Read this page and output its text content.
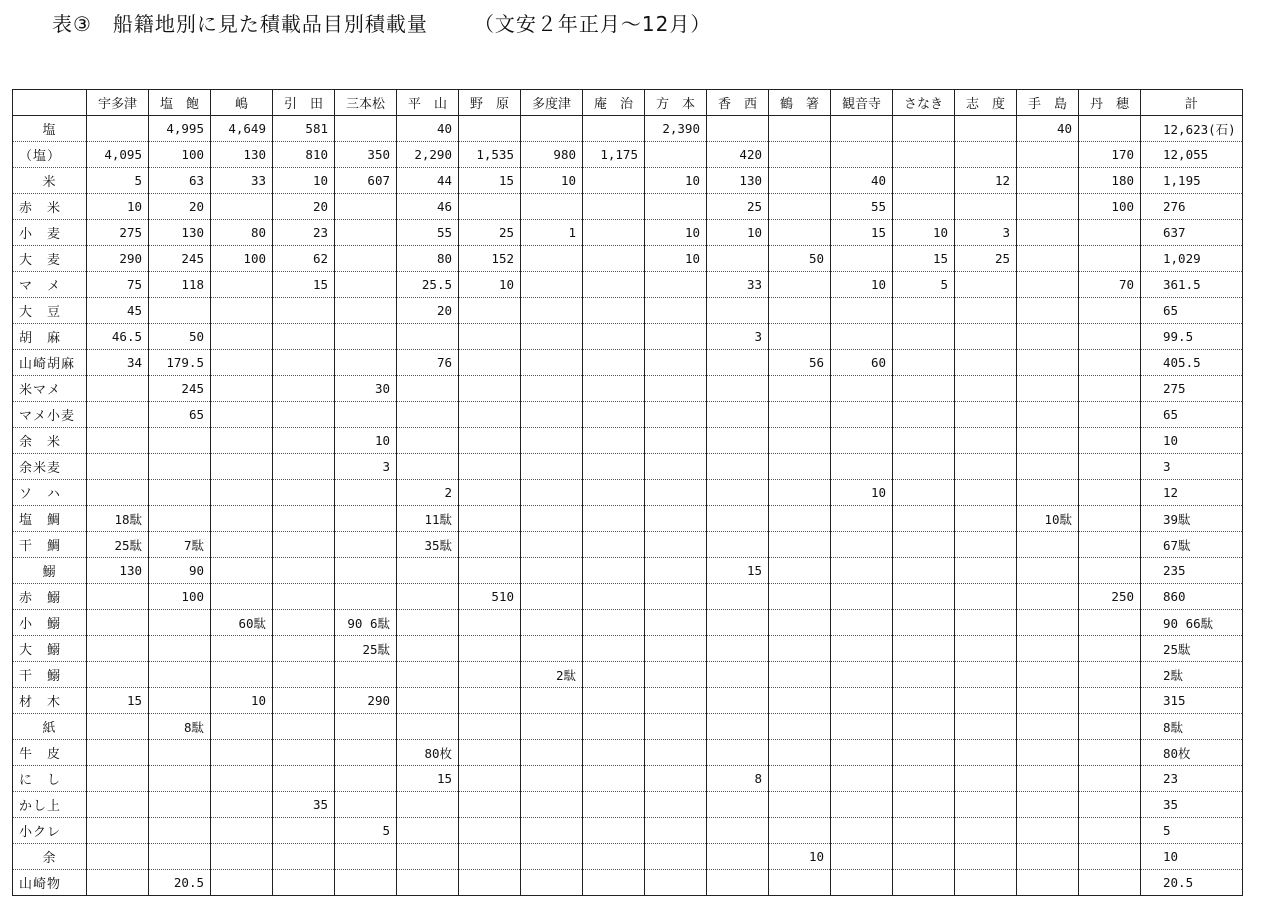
表③　船籍地別に見た積載品目別積載量 （文安２年正月～12月）
	宇多津	塩　飽	嶋	引　田	三本松	平　山	野　原	多度津	庵　治	方　本	香　西	鶴　箸	観音寺	さなき	志　度	手　島	丹　穂	計
塩		4,995	4,649	581		40				2,390						40		12,623(石)
（塩）	4,095	100	130	810	350	2,290	1,535	980	1,175		420						170	12,055
米	5	63	33	10	607	44	15	10		10	130		40		12		180	1,195
赤　米	10	20		20		46					25		55				100	276
小　麦	275	130	80	23		55	25	1		10	10		15	10	3			637
大　麦	290	245	100	62		80	152			10		50		15	25			1,029
マ　メ	75	118		15		25.5	10				33		10	5			70	361.5
大　豆	45					20												65
胡　麻	46.5	50									3							99.5
山崎胡麻	34	179.5				76						56	60					405.5
米マメ		245			30													275
マメ小麦		65																65
余　米					10													10
余米麦					3													3
ソ　ハ						2							10					12
塩　鯛	18駄					11駄										10駄		39駄
干　鯛	25駄	7駄				35駄												67駄
鰯	130	90									15							235
赤　鰯		100					510										250	860
小　鰯			60駄		90 6駄													90 66駄
大　鰯					25駄													25駄
干　鰯								2駄										2駄
材　木	15		10		290													315
紙		8駄																8駄
牛　皮						80枚												80枚
に　し						15					8							23
かし上				35														35
小クレ					5													5
余												10						10
山崎物		20.5																20.5
